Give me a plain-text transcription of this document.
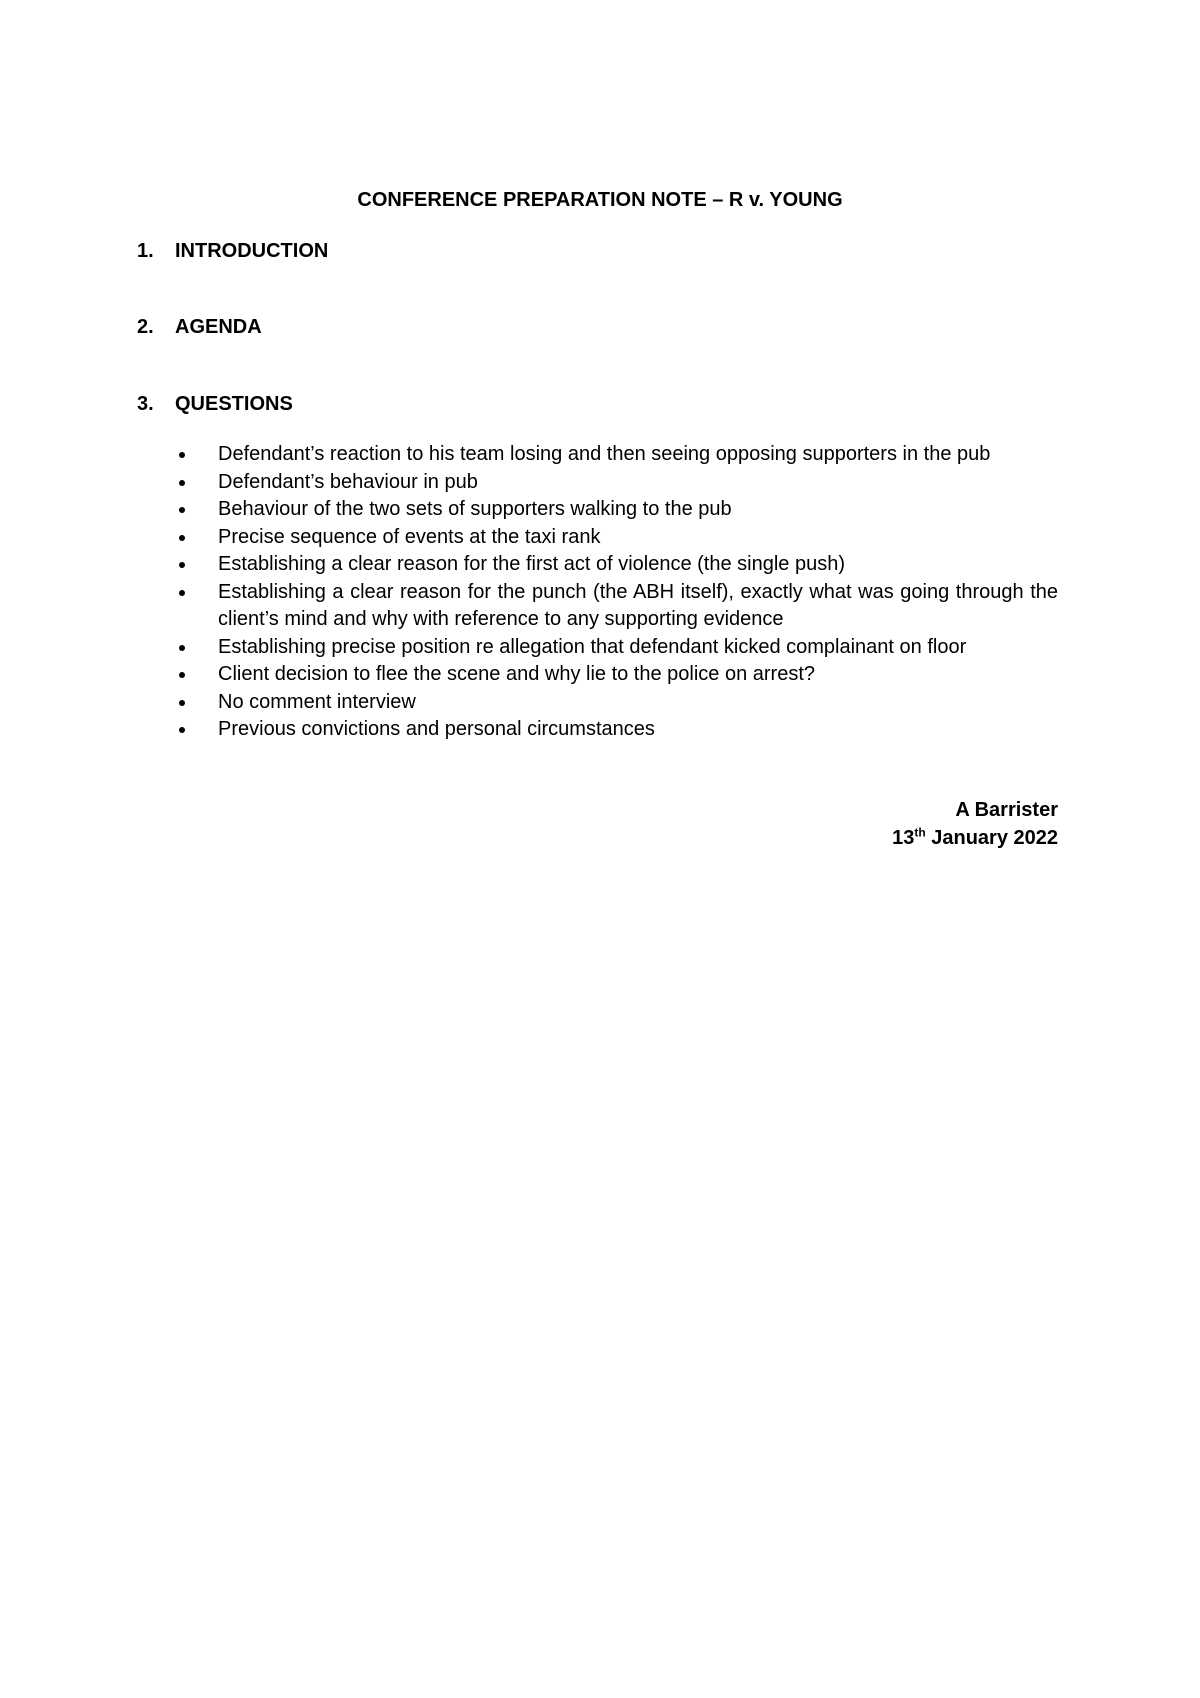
CONFERENCE PREPARATION NOTE – R v. YOUNG
1.	INTRODUCTION
2.	AGENDA
3.	QUESTIONS
Defendant’s reaction to his team losing and then seeing opposing supporters in the pub
Defendant’s behaviour in pub
Behaviour of the two sets of supporters walking to the pub
Precise sequence of events at the taxi rank
Establishing a clear reason for the first act of violence (the single push)
Establishing a clear reason for the punch (the ABH itself), exactly what was going through the client’s mind and why with reference to any supporting evidence
Establishing precise position re allegation that defendant kicked complainant on floor
Client decision to flee the scene and why lie to the police on arrest?
No comment interview
Previous convictions and personal circumstances
A Barrister
13th January 2022
